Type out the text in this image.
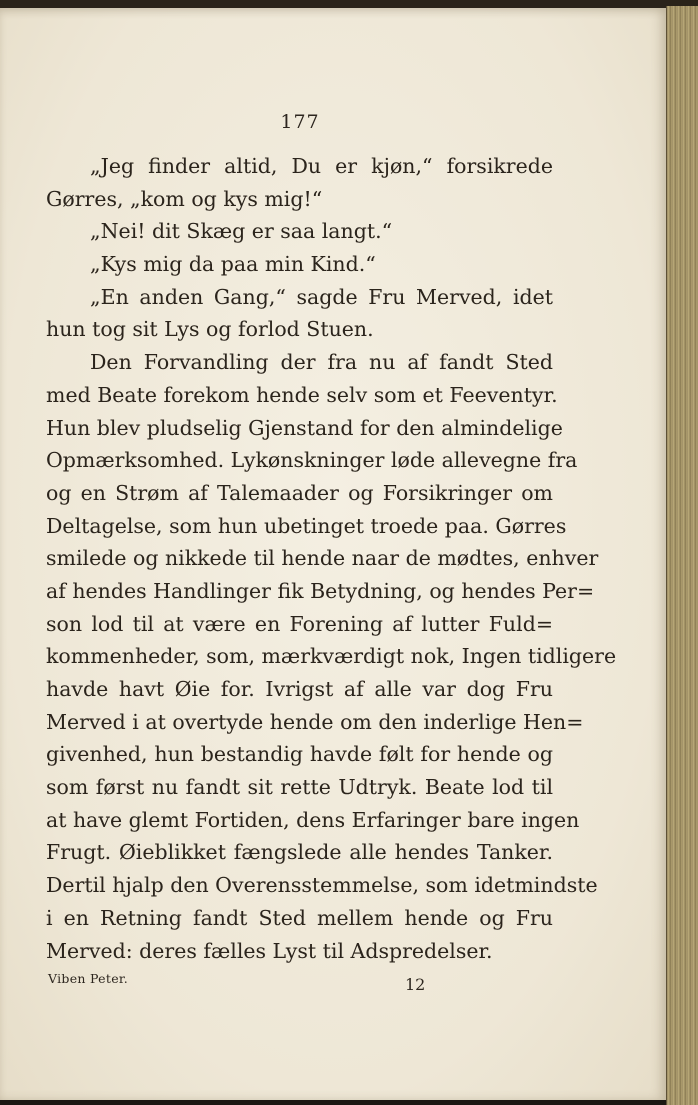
177
„Jeg finder altid, Du er kjøn,“ forsikrede
Gørres, „kom og kys mig!“
„Nei! dit Skæg er saa langt.“
„Kys mig da paa min Kind.“
„En anden Gang,“ sagde Fru Merved, idet
hun tog sit Lys og forlod Stuen.
Den Forvandling der fra nu af fandt Sted
med Beate forekom hende selv som et Feeventyr.
Hun blev pludselig Gjenstand for den almindelige
Opmærksomhed. Lykønskninger løde allevegne fra
og en Strøm af Talemaader og Forsikringer om
Deltagelse, som hun ubetinget troede paa. Gørres
smilede og nikkede til hende naar de mødtes, enhver
af hendes Handlinger fik Betydning, og hendes Per=
son lod til at være en Forening af lutter Fuld=
kommenheder, som, mærkværdigt nok, Ingen tidligere
havde havt Øie for. Ivrigst af alle var dog Fru
Merved i at overtyde hende om den inderlige Hen=
givenhed, hun bestandig havde følt for hende og
som først nu fandt sit rette Udtryk. Beate lod til
at have glemt Fortiden, dens Erfaringer bare ingen
Frugt. Øieblikket fængslede alle hendes Tanker.
Dertil hjalp den Overensstemmelse, som idetmindste
i en Retning fandt Sted mellem hende og Fru
Merved: deres fælles Lyst til Adspredelser.
Viben Peter.	12
